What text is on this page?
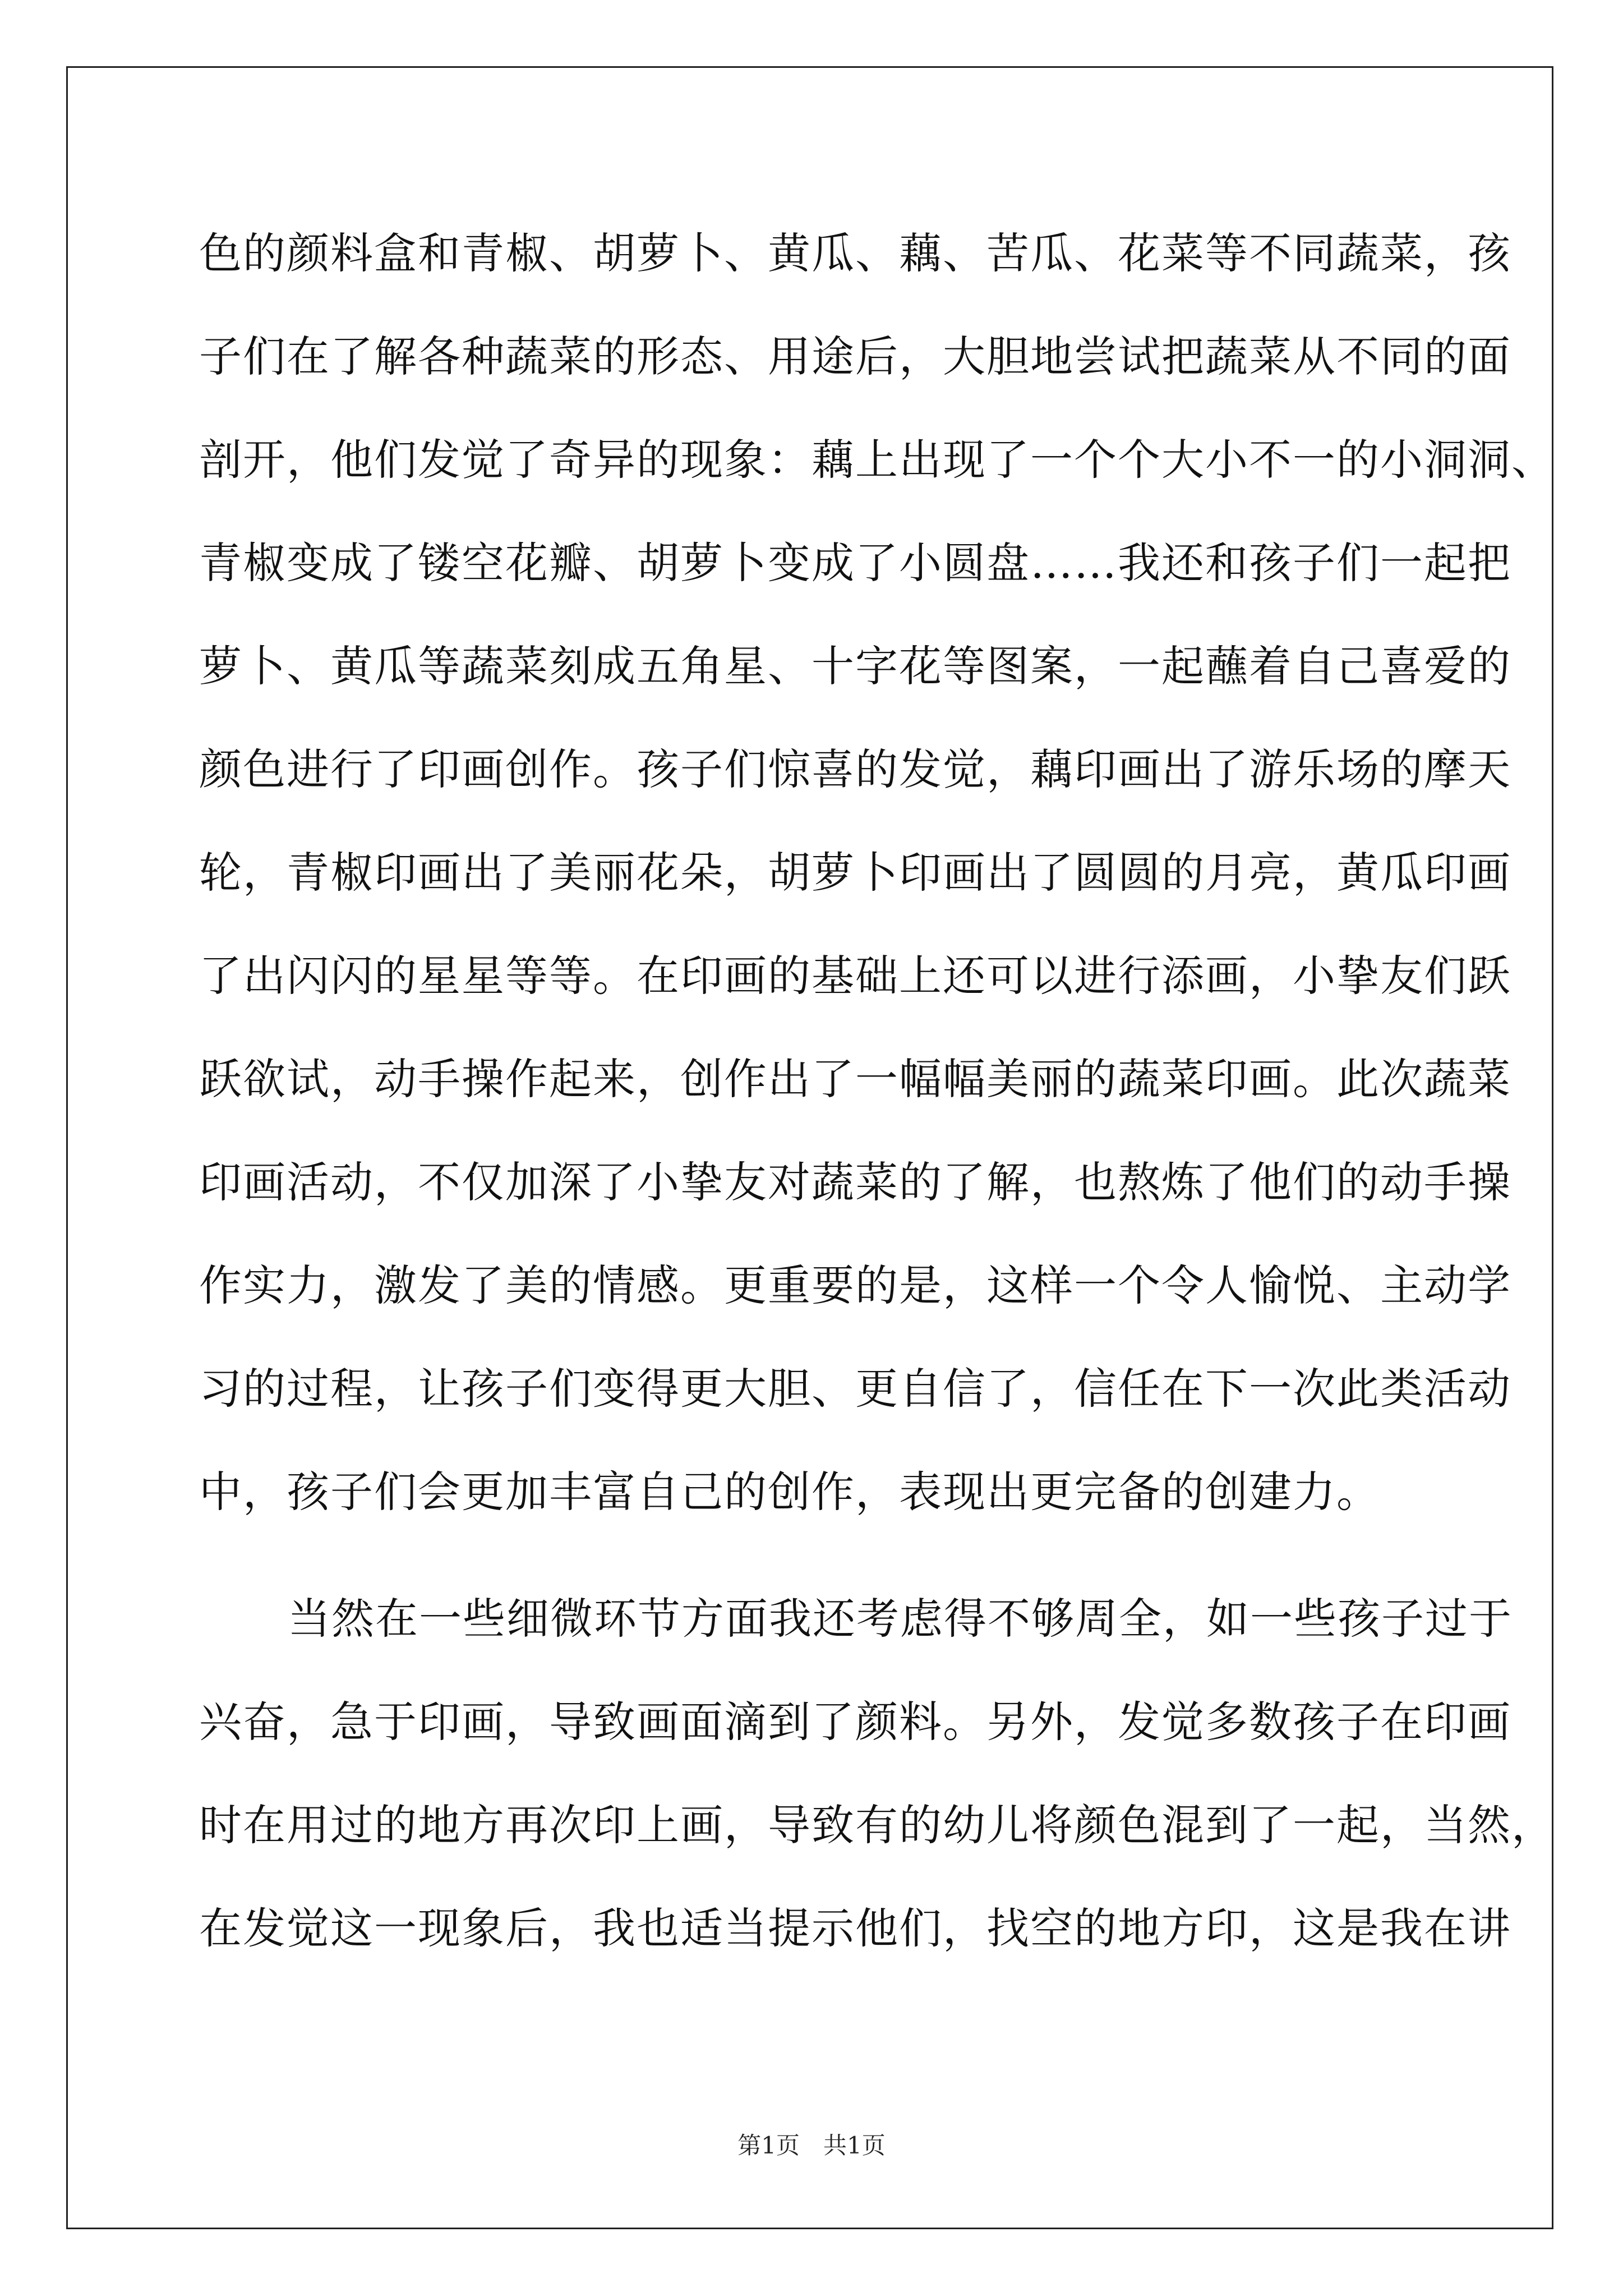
色的颜料盒和青椒、胡萝卜、黄瓜、藕、苦瓜、花菜等不同蔬菜，孩
子们在了解各种蔬菜的形态、用途后，大胆地尝试把蔬菜从不同的面
剖开，他们发觉了奇异的现象：藕上出现了一个个大小不一的小洞洞、
青椒变成了镂空花瓣、胡萝卜变成了小圆盘……我还和孩子们一起把
萝卜、黄瓜等蔬菜刻成五角星、十字花等图案，一起蘸着自己喜爱的
颜色进行了印画创作。孩子们惊喜的发觉，藕印画出了游乐场的摩天
轮，青椒印画出了美丽花朵，胡萝卜印画出了圆圆的月亮，黄瓜印画
了出闪闪的星星等等。在印画的基础上还可以进行添画，小挚友们跃
跃欲试，动手操作起来，创作出了一幅幅美丽的蔬菜印画。此次蔬菜
印画活动，不仅加深了小挚友对蔬菜的了解，也熬炼了他们的动手操
作实力，激发了美的情感。更重要的是，这样一个令人愉悦、主动学
习的过程，让孩子们变得更大胆、更自信了，信任在下一次此类活动
中，孩子们会更加丰富自己的创作，表现出更完备的创建力。
当然在一些细微环节方面我还考虑得不够周全，如一些孩子过于
兴奋，急于印画，导致画面滴到了颜料。另外，发觉多数孩子在印画
时在用过的地方再次印上画，导致有的幼儿将颜色混到了一起，当然，
在发觉这一现象后，我也适当提示他们，找空的地方印，这是我在讲
第1页　共1页
